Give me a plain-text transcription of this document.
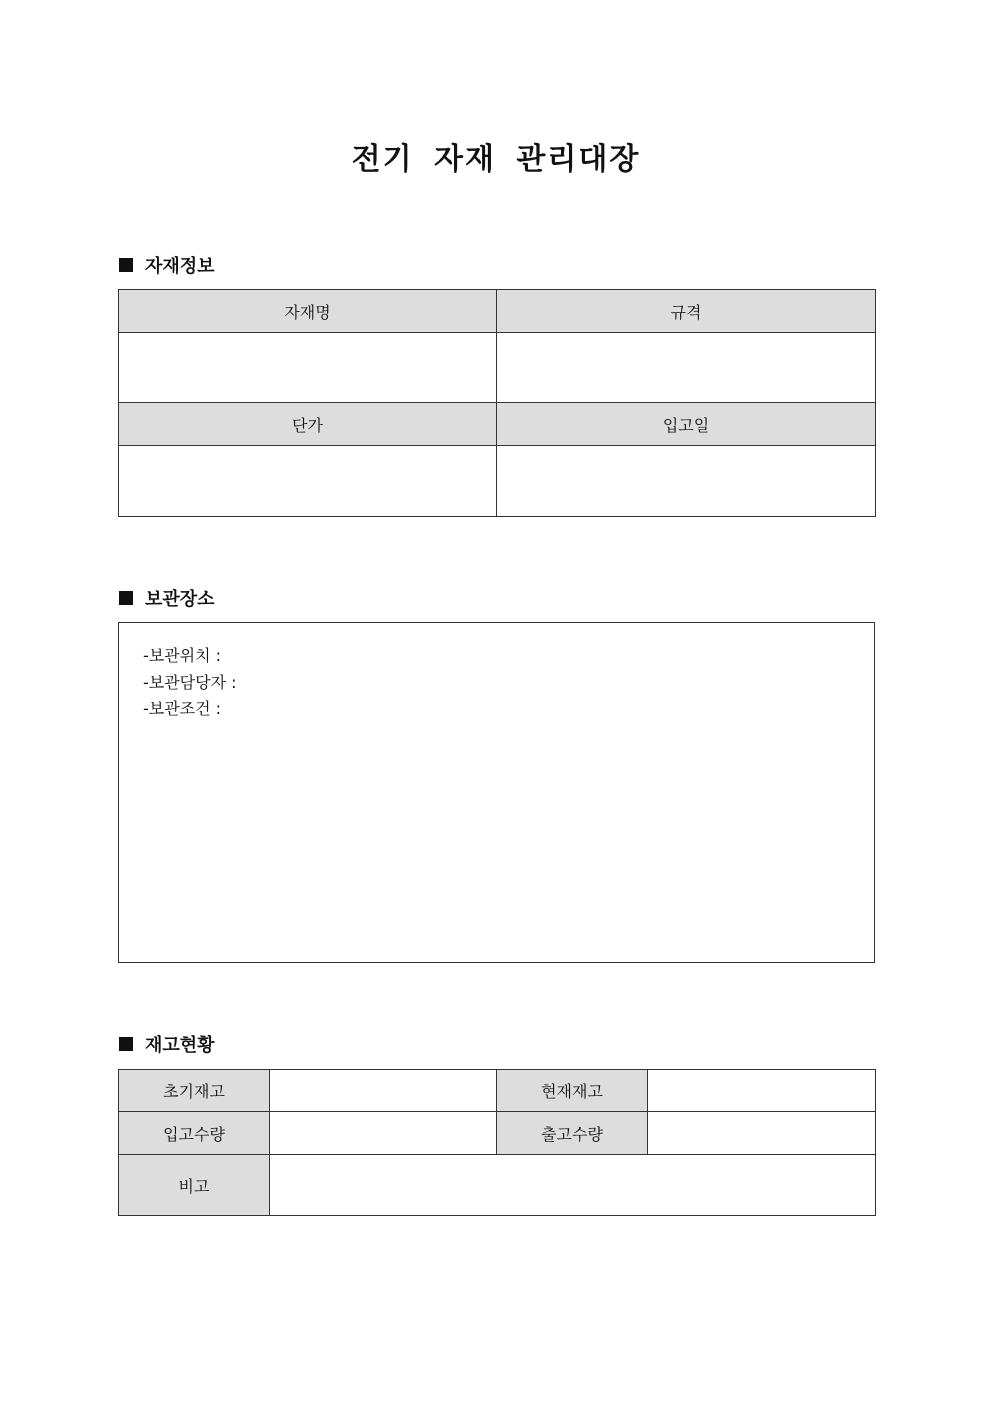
전기 자재 관리대장
자재정보
자재명	규격

단가	입고일

보관장소
-보관위치 :
-보관담당자 :
-보관조건 :
재고현황
초기재고		현재재고	
입고수량		출고수량	
비고			
